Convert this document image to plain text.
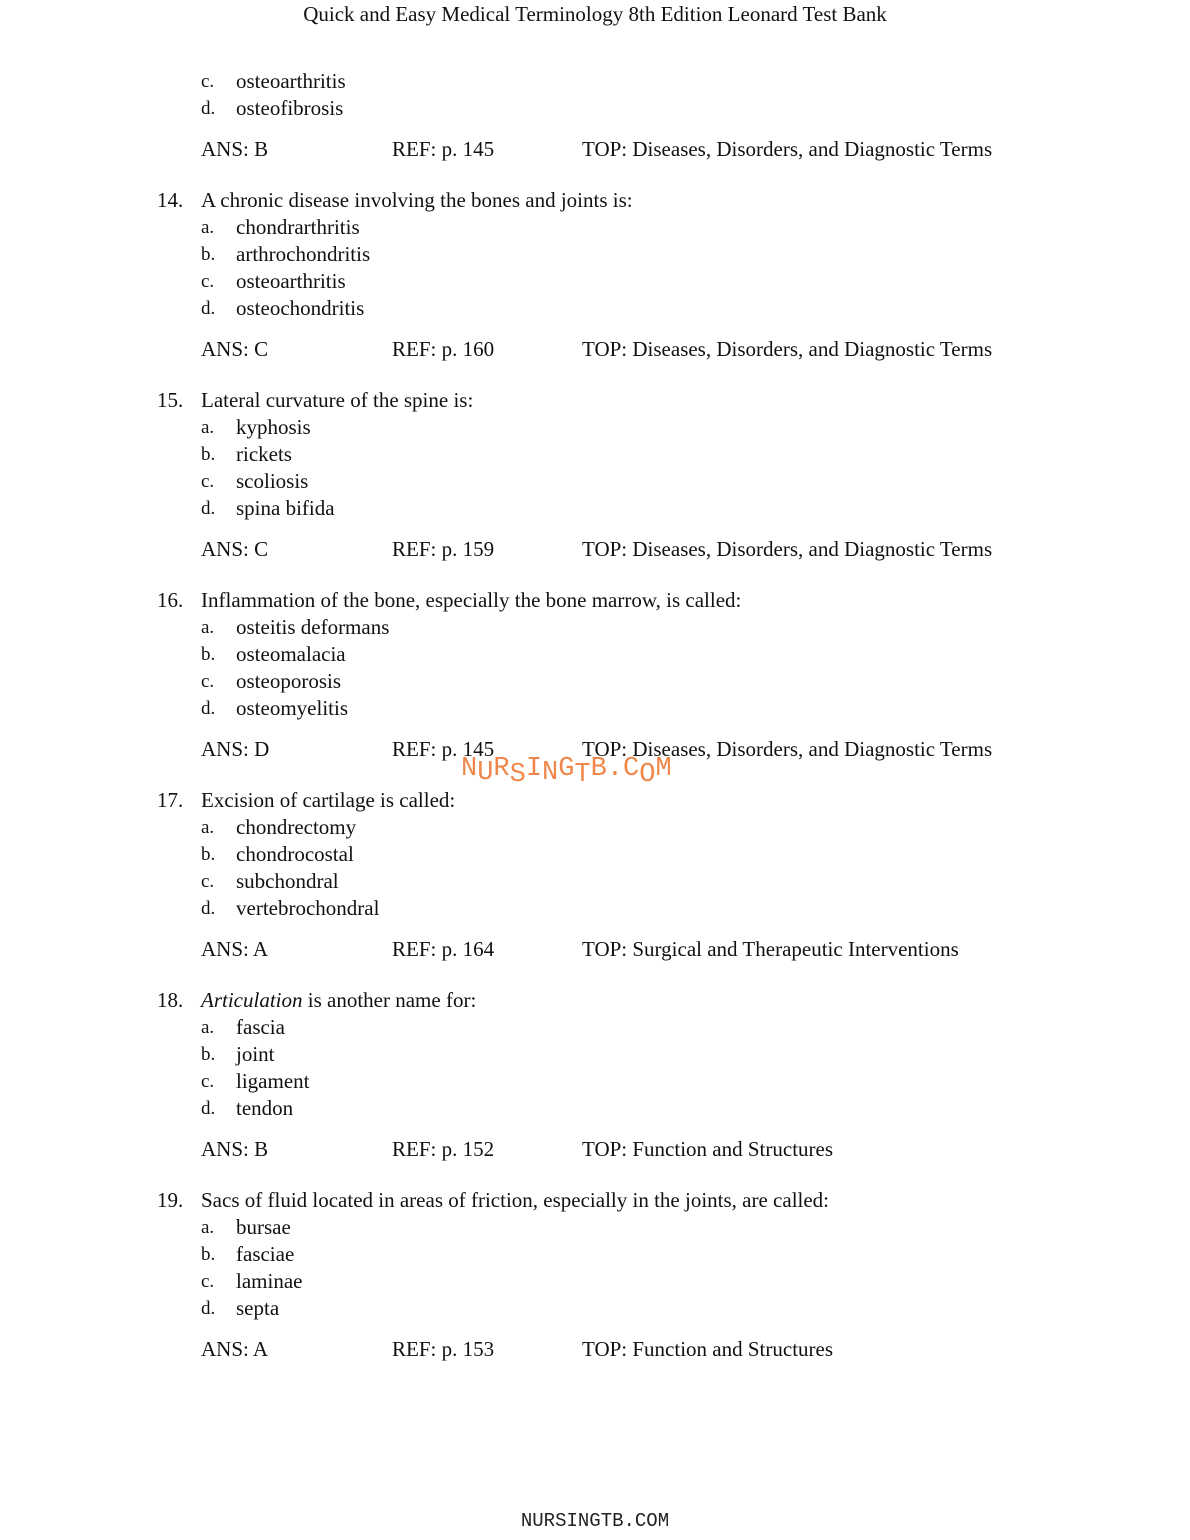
Quick and Easy Medical Terminology 8th Edition Leonard Test Bank
c. osteoarthritis
d. osteofibrosis
ANS: B	REF: p. 145	TOP: Diseases, Disorders, and Diagnostic Terms
14. A chronic disease involving the bones and joints is:
a. chondrarthritis
b. arthrochondritis
c. osteoarthritis
d. osteochondritis
ANS: C	REF: p. 160	TOP: Diseases, Disorders, and Diagnostic Terms
15. Lateral curvature of the spine is:
a. kyphosis
b. rickets
c. scoliosis
d. spina bifida
ANS: C	REF: p. 159	TOP: Diseases, Disorders, and Diagnostic Terms
16. Inflammation of the bone, especially the bone marrow, is called:
a. osteitis deformans
b. osteomalacia
c. osteoporosis
d. osteomyelitis
ANS: D	REF: p. 145	TOP: Diseases, Disorders, and Diagnostic Terms
17. Excision of cartilage is called:
a. chondrectomy
b. chondrocostal
c. subchondral
d. vertebrochondral
ANS: A	REF: p. 164	TOP: Surgical and Therapeutic Interventions
18. Articulation is another name for:
a. fascia
b. joint
c. ligament
d. tendon
ANS: B	REF: p. 152	TOP: Function and Structures
19. Sacs of fluid located in areas of friction, especially in the joints, are called:
a. bursae
b. fasciae
c. laminae
d. septa
ANS: A	REF: p. 153	TOP: Function and Structures
NURSINGTB.COM
NURSINGTB.COM
